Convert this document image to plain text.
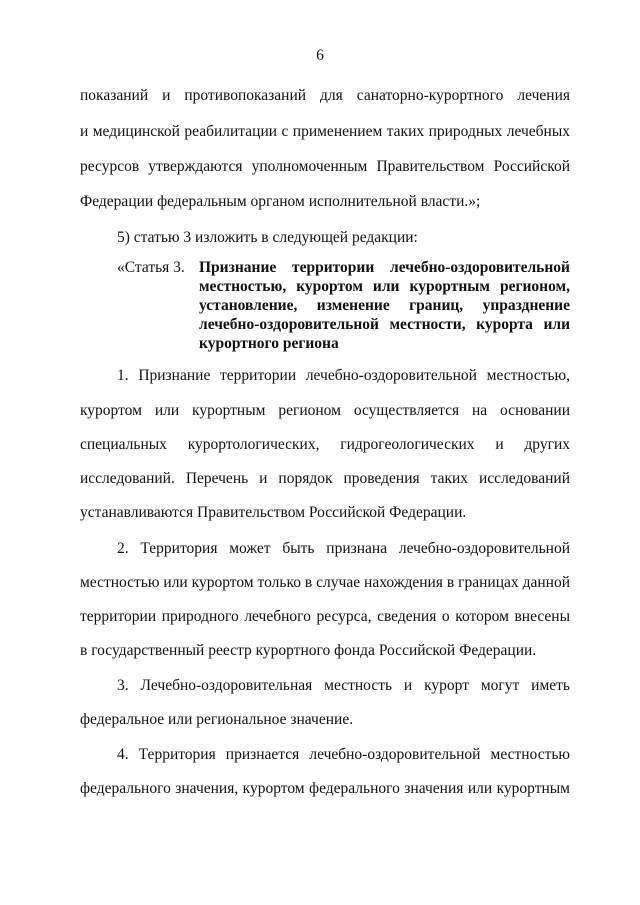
6
показаний и противопоказаний для санаторно-курортного лечения
и медицинской реабилитации с применением таких природных лечебных
ресурсов утверждаются уполномоченным Правительством Российской
Федерации федеральным органом исполнительной власти.»;
5) статью 3 изложить в следующей редакции:
«Статья 3. Признание территории лечебно-оздоровительной
местностью, курортом или курортным регионом,
установление, изменение границ, упразднение
лечебно-оздоровительной местности, курорта или
курортного региона
1. Признание территории лечебно-оздоровительной местностью,
курортом или курортным регионом осуществляется на основании
специальных курортологических, гидрогеологических и других
исследований. Перечень и порядок проведения таких исследований
устанавливаются Правительством Российской Федерации.
2. Территория может быть признана лечебно-оздоровительной
местностью или курортом только в случае нахождения в границах данной
территории природного лечебного ресурса, сведения о котором внесены
в государственный реестр курортного фонда Российской Федерации.
3. Лечебно-оздоровительная местность и курорт могут иметь
федеральное или региональное значение.
4. Территория признается лечебно-оздоровительной местностью
федерального значения, курортом федерального значения или курортным
